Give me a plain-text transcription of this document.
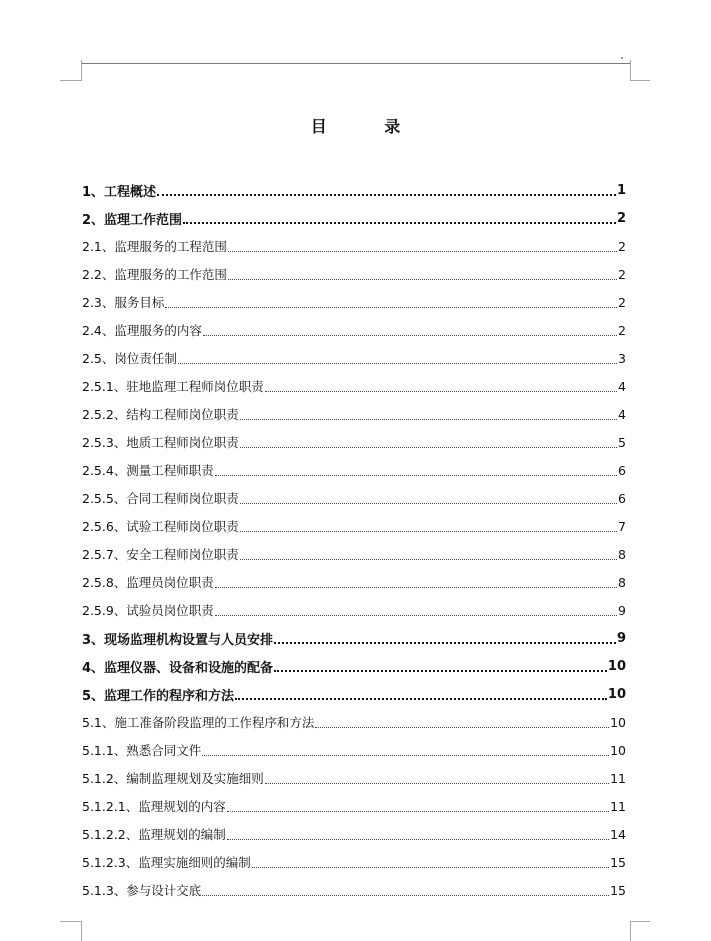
目 录
1、工程概述	1
2、监理工作范围	2
2.1、监理服务的工程范围	2
2.2、监理服务的工作范围	2
2.3、服务目标	2
2.4、监理服务的内容	2
2.5、岗位责任制	3
2.5.1、驻地监理工程师岗位职责	4
2.5.2、结构工程师岗位职责	4
2.5.3、地质工程师岗位职责	5
2.5.4、测量工程师职责	6
2.5.5、合同工程师岗位职责	6
2.5.6、试验工程师岗位职责	7
2.5.7、安全工程师岗位职责	8
2.5.8、监理员岗位职责	8
2.5.9、试验员岗位职责	9
3、现场监理机构设置与人员安排	9
4、监理仪器、设备和设施的配备	10
5、监理工作的程序和方法	10
5.1、施工准备阶段监理的工作程序和方法	10
5.1.1、熟悉合同文件	10
5.1.2、编制监理规划及实施细则	11
5.1.2.1、监理规划的内容	11
5.1.2.2、监理规划的编制	14
5.1.2.3、监理实施细则的编制	15
5.1.3、参与设计交底	15
